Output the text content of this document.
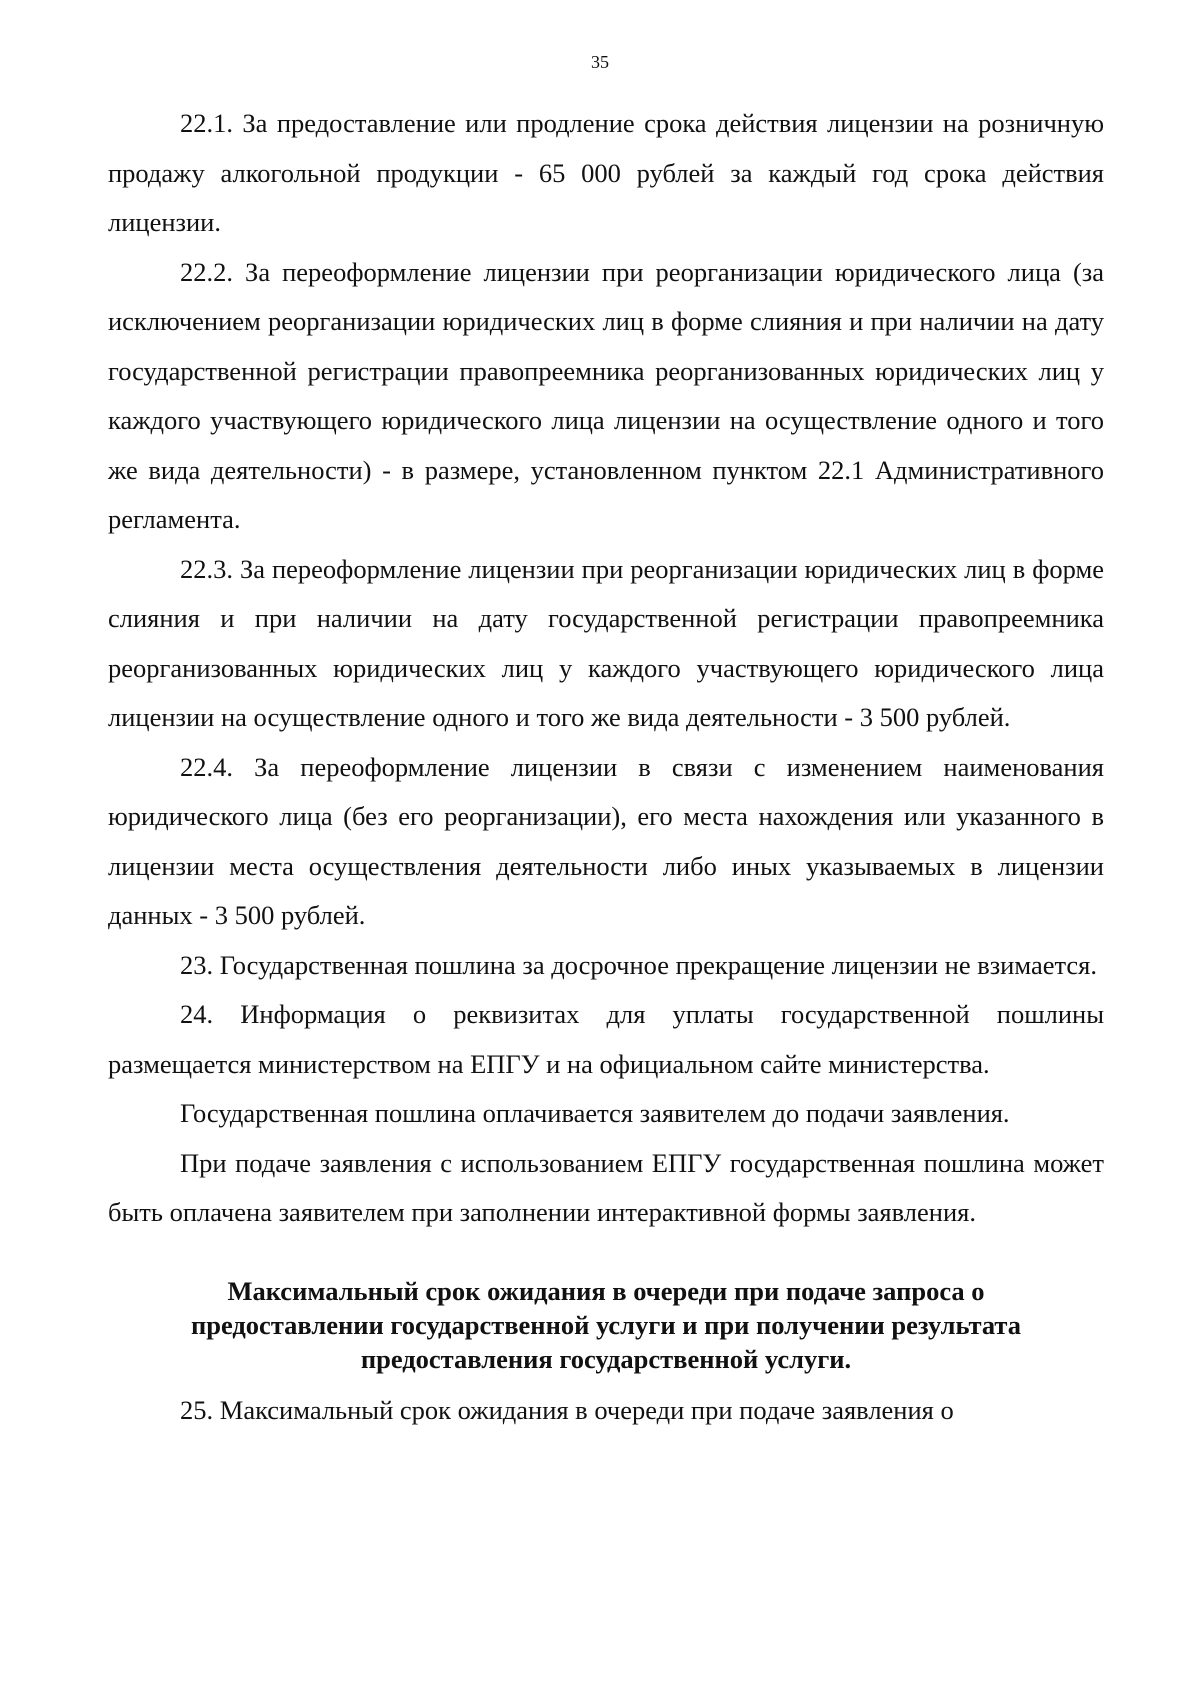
35

22.1. За предоставление или продление срока действия лицензии на розничную продажу алкогольной продукции - 65 000 рублей за каждый год срока действия лицензии.

22.2. За переоформление лицензии при реорганизации юридического лица (за исключением реорганизации юридических лиц в форме слияния и при наличии на дату государственной регистрации правопреемника реорганизованных юридических лиц у каждого участвующего юридического лица лицензии на осуществление одного и того же вида деятельности) - в размере, установленном пунктом 22.1 Административного регламента.

22.3. За переоформление лицензии при реорганизации юридических лиц в форме слияния и при наличии на дату государственной регистрации правопреемника реорганизованных юридических лиц у каждого участвующего юридического лица лицензии на осуществление одного и того же вида деятельности - 3 500 рублей.

22.4. За переоформление лицензии в связи с изменением наименования юридического лица (без его реорганизации), его места нахождения или указанного в лицензии места осуществления деятельности либо иных указываемых в лицензии данных - 3 500 рублей.

23. Государственная пошлина за досрочное прекращение лицензии не взимается.

24. Информация о реквизитах для уплаты государственной пошлины размещается министерством на ЕПГУ и на официальном сайте министерства.

Государственная пошлина оплачивается заявителем до подачи заявления.

При подаче заявления с использованием ЕПГУ государственная пошлина может быть оплачена заявителем при заполнении интерактивной формы заявления.

Максимальный срок ожидания в очереди при подаче запроса о
предоставлении государственной услуги и при получении результата
предоставления государственной услуги.

25. Максимальный срок ожидания в очереди при подаче заявления о
